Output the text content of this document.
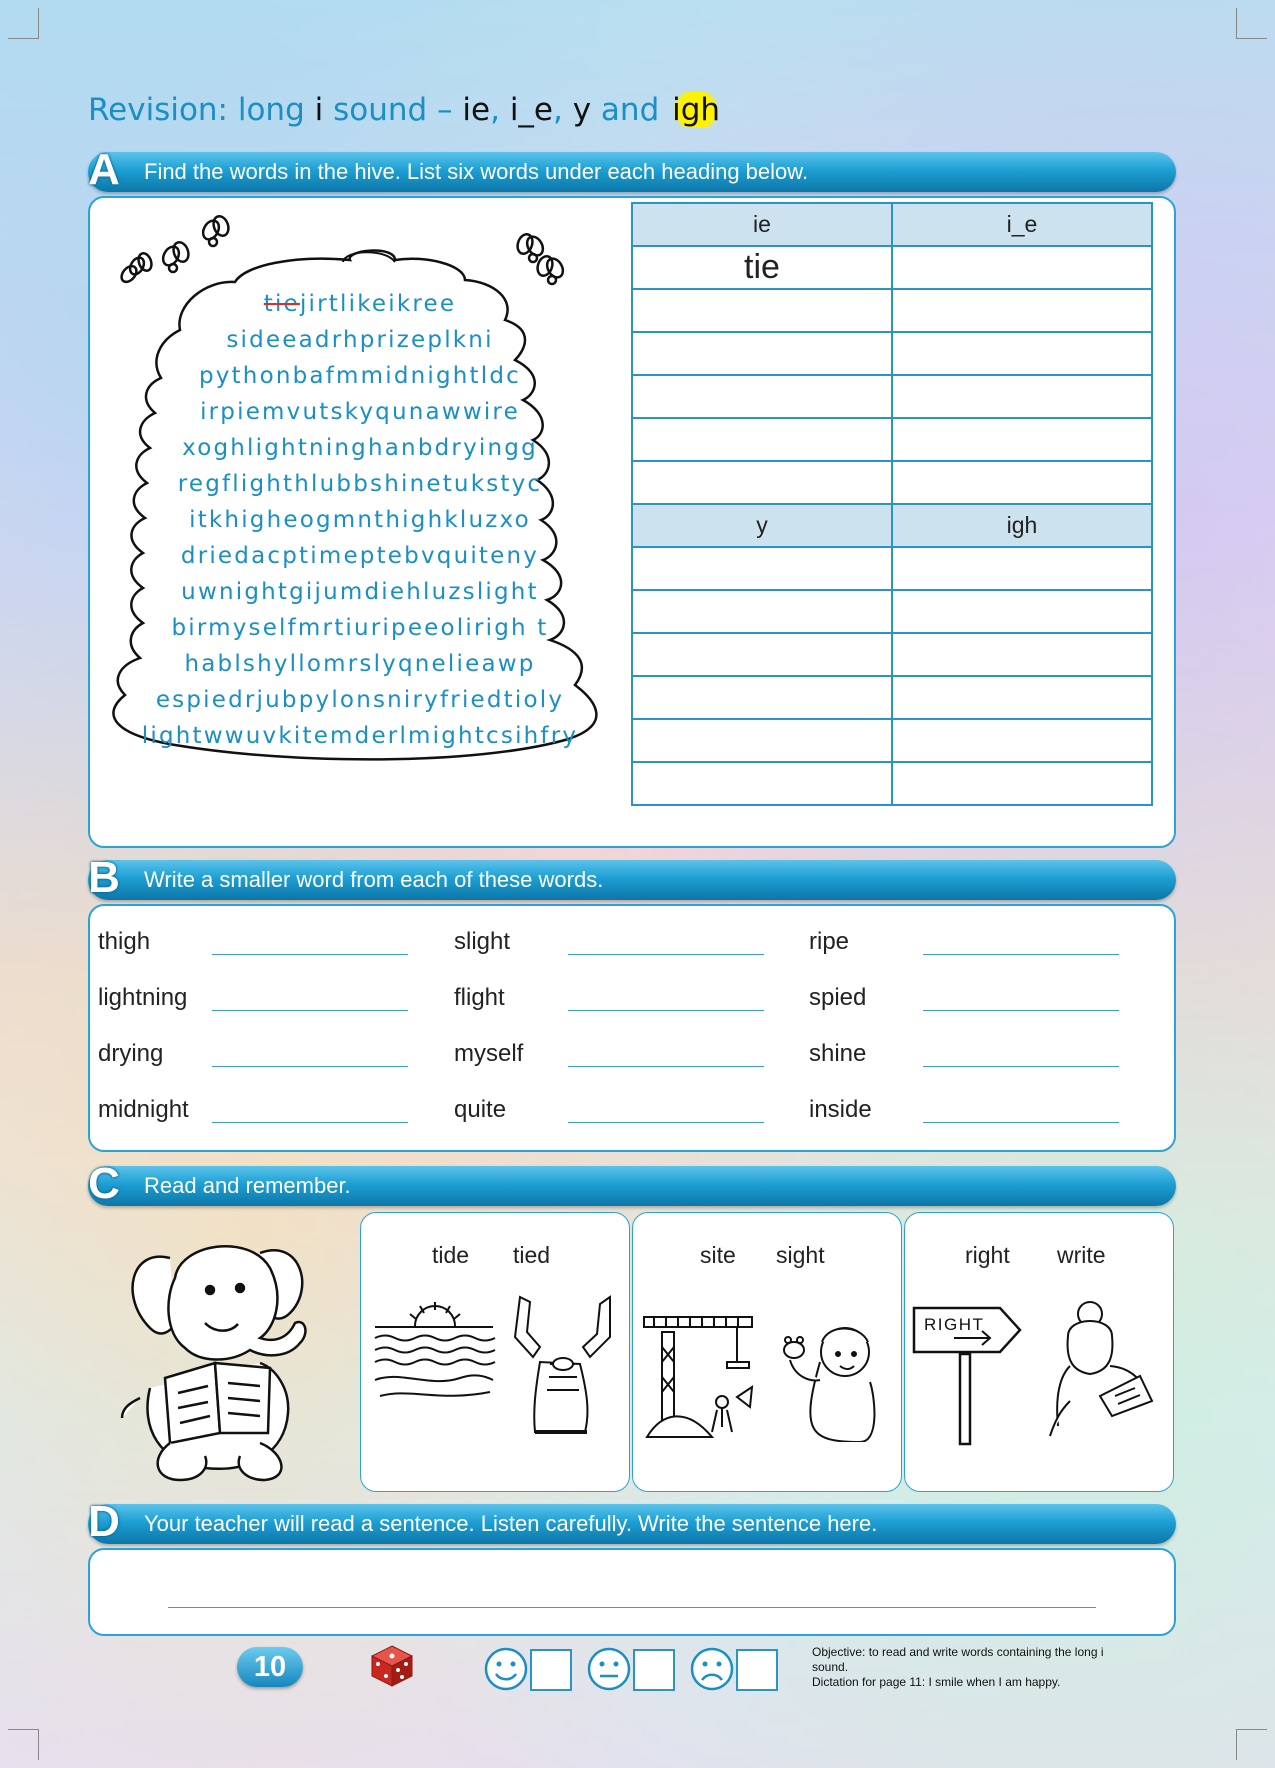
Revision: long i sound – ie, i_e, y and igh
A	Find the words in the hive. List six words under each heading below.
tiejirtlikeikree
sideeadrhprizeplkni
pythonbafmmidnightldc
irpiemvutskyqunawwire
xoghlightninghanbdryingg
regflighthlubbshinetukstyc
itkhigheogmnthighkluzxo
driedacptimeptebvquiteny
uwnightgijumdiehluzslight
birmyselfmrtiuripeeolirigh t
hablshyllomrslyqnelieawp
espiedrjubpylonsniryfriedtioly
lightwwuvkitemderlmightcsihfry
ie	i_e
tie	

y	igh

B	Write a smaller word from each of these words.
thigh	slight	ripe
lightning	flight	spied
drying	myself	shine
midnight	quite	inside
C	Read and remember.
tide tied	site sight	right write
RIGHT
D	Your teacher will read a sentence. Listen carefully. Write the sentence here.
10	Objective: to read and write words containing the long i sound.
Dictation for page 11: I smile when I am happy.
